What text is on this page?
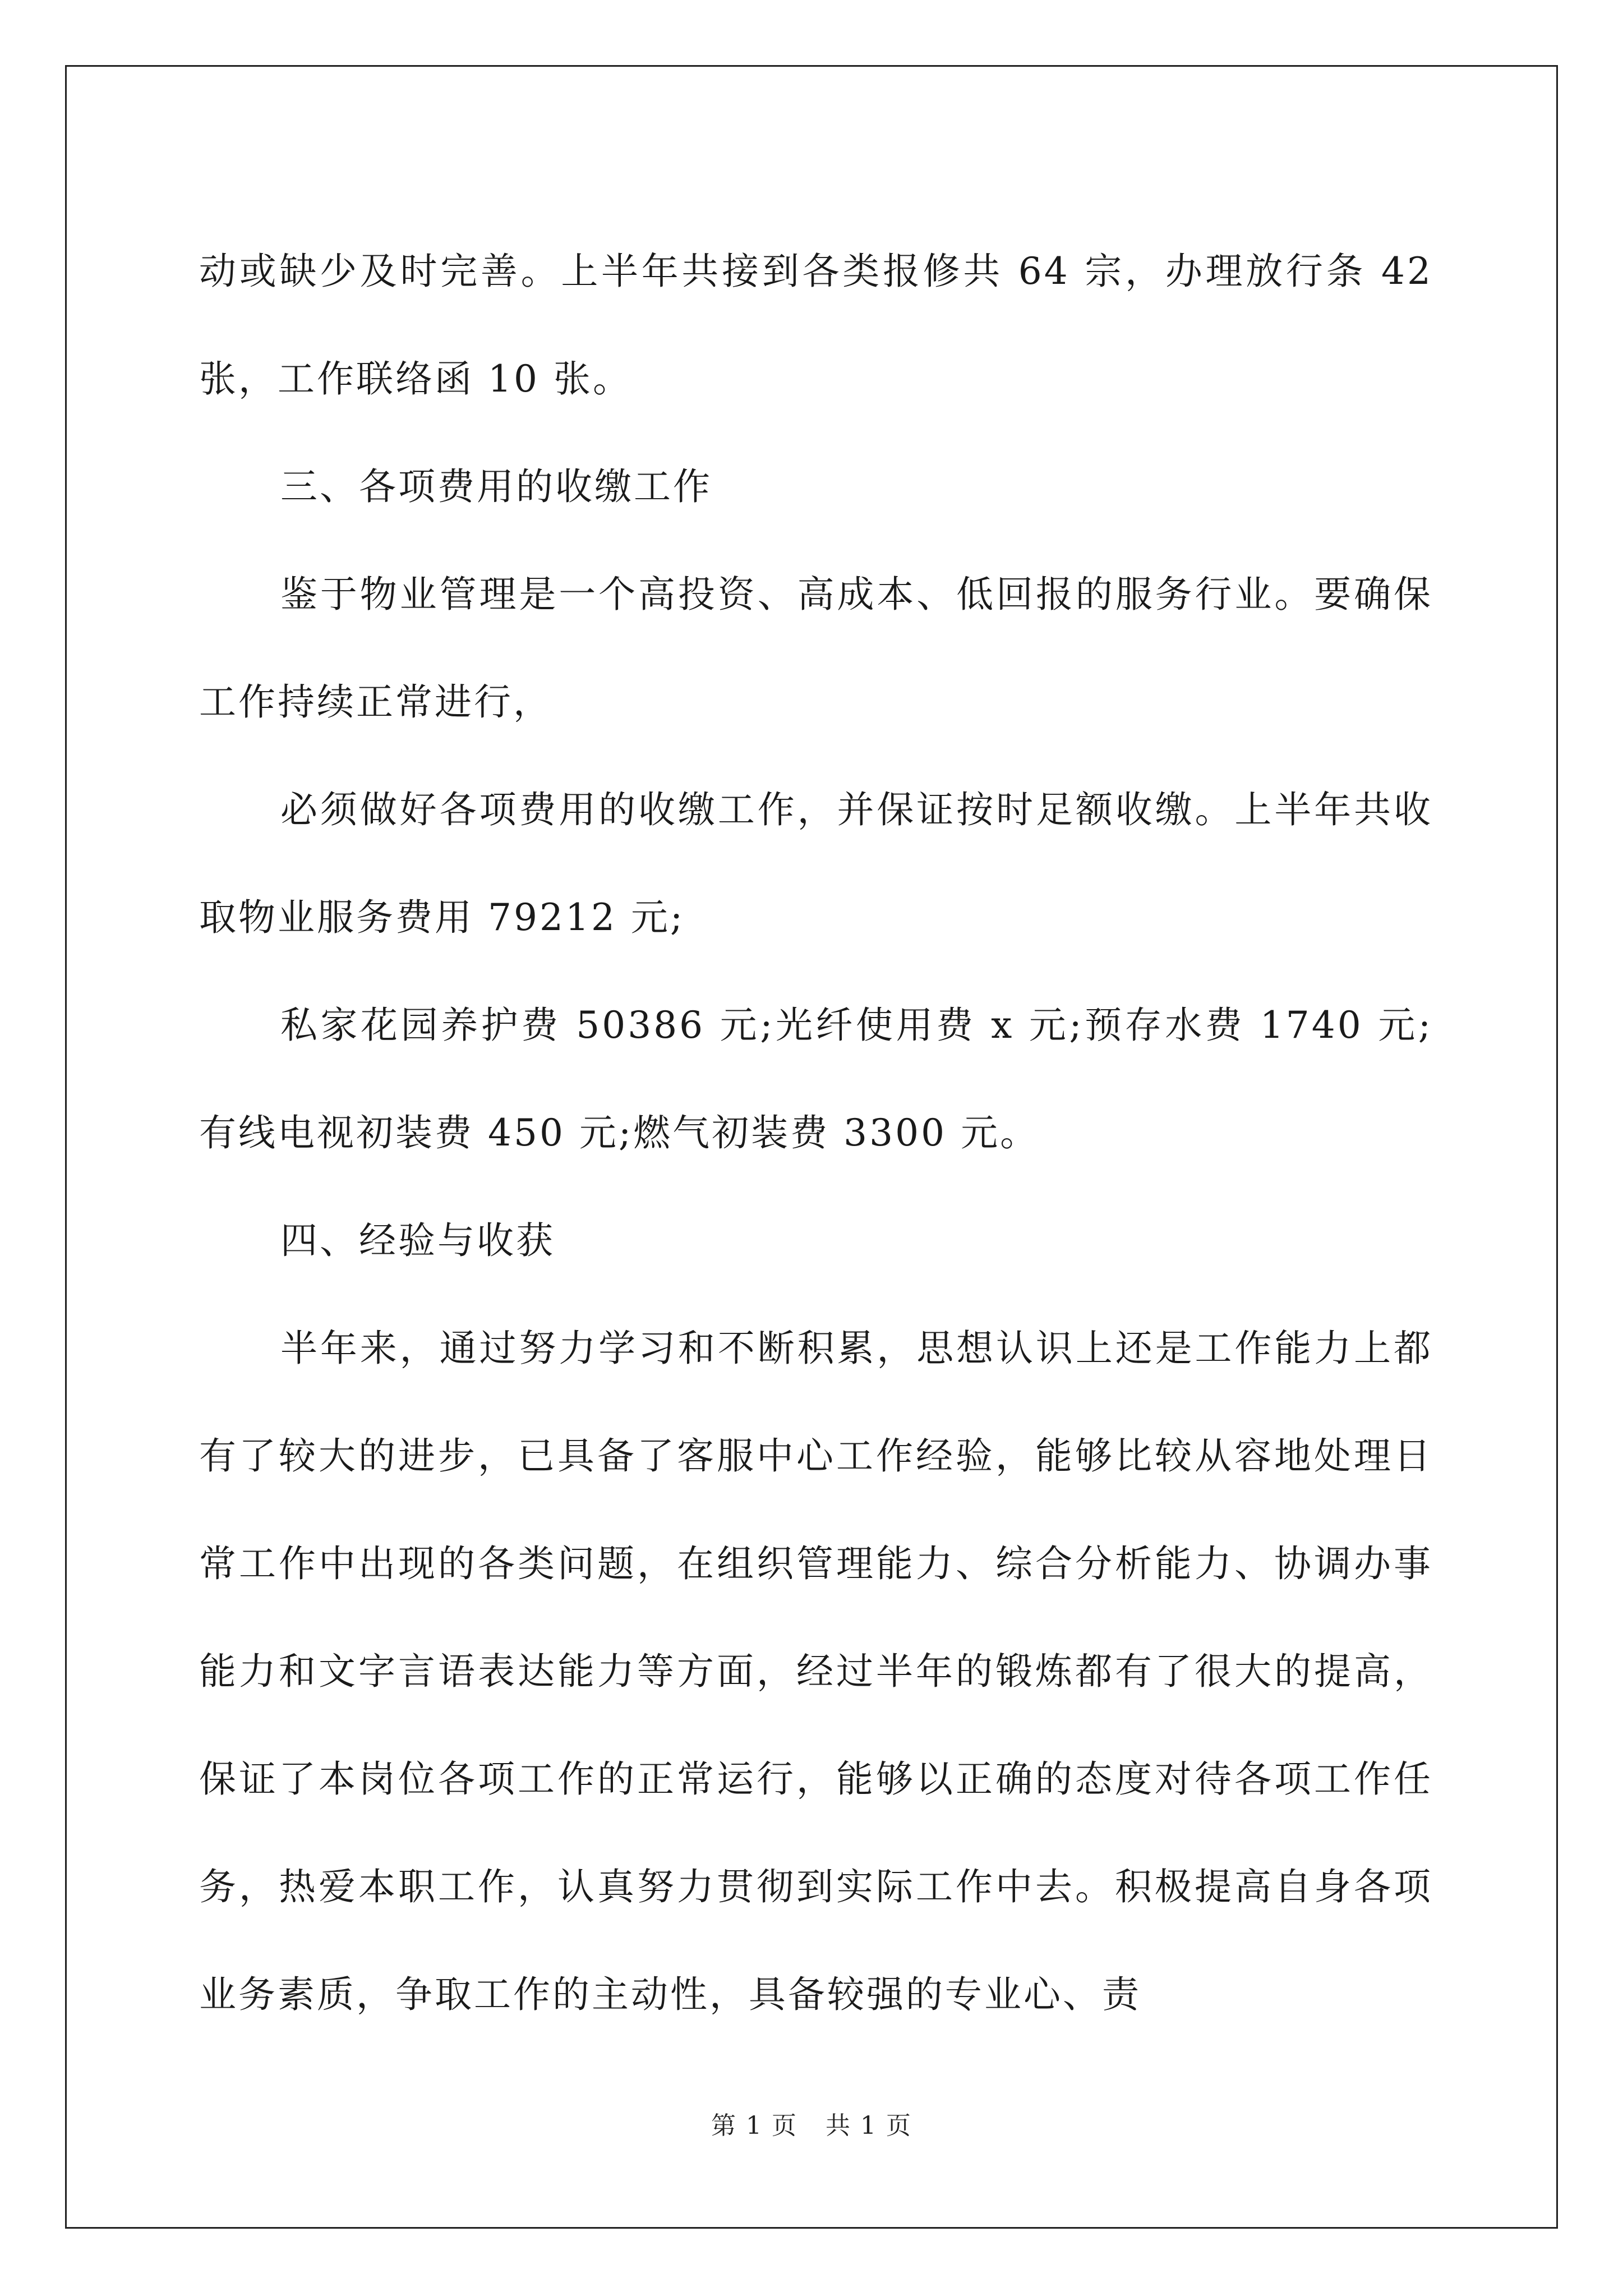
动或缺少及时完善。上半年共接到各类报修共 64 宗，办理放行条 42 张，工作联络函 10 张。

三、各项费用的收缴工作

鉴于物业管理是一个高投资、高成本、低回报的服务行业。要确保工作持续正常进行，

必须做好各项费用的收缴工作，并保证按时足额收缴。上半年共收取物业服务费用 79212 元;

私家花园养护费 50386 元;光纤使用费 x 元;预存水费 1740 元;有线电视初装费 450 元;燃气初装费 3300 元。

四、经验与收获

半年来，通过努力学习和不断积累，思想认识上还是工作能力上都有了较大的进步，已具备了客服中心工作经验，能够比较从容地处理日常工作中出现的各类问题，在组织管理能力、综合分析能力、协调办事能力和文字言语表达能力等方面，经过半年的锻炼都有了很大的提高，保证了本岗位各项工作的正常运行，能够以正确的态度对待各项工作任务，热爱本职工作，认真努力贯彻到实际工作中去。积极提高自身各项业务素质，争取工作的主动性，具备较强的专业心、责

第 1 页 共 1 页
